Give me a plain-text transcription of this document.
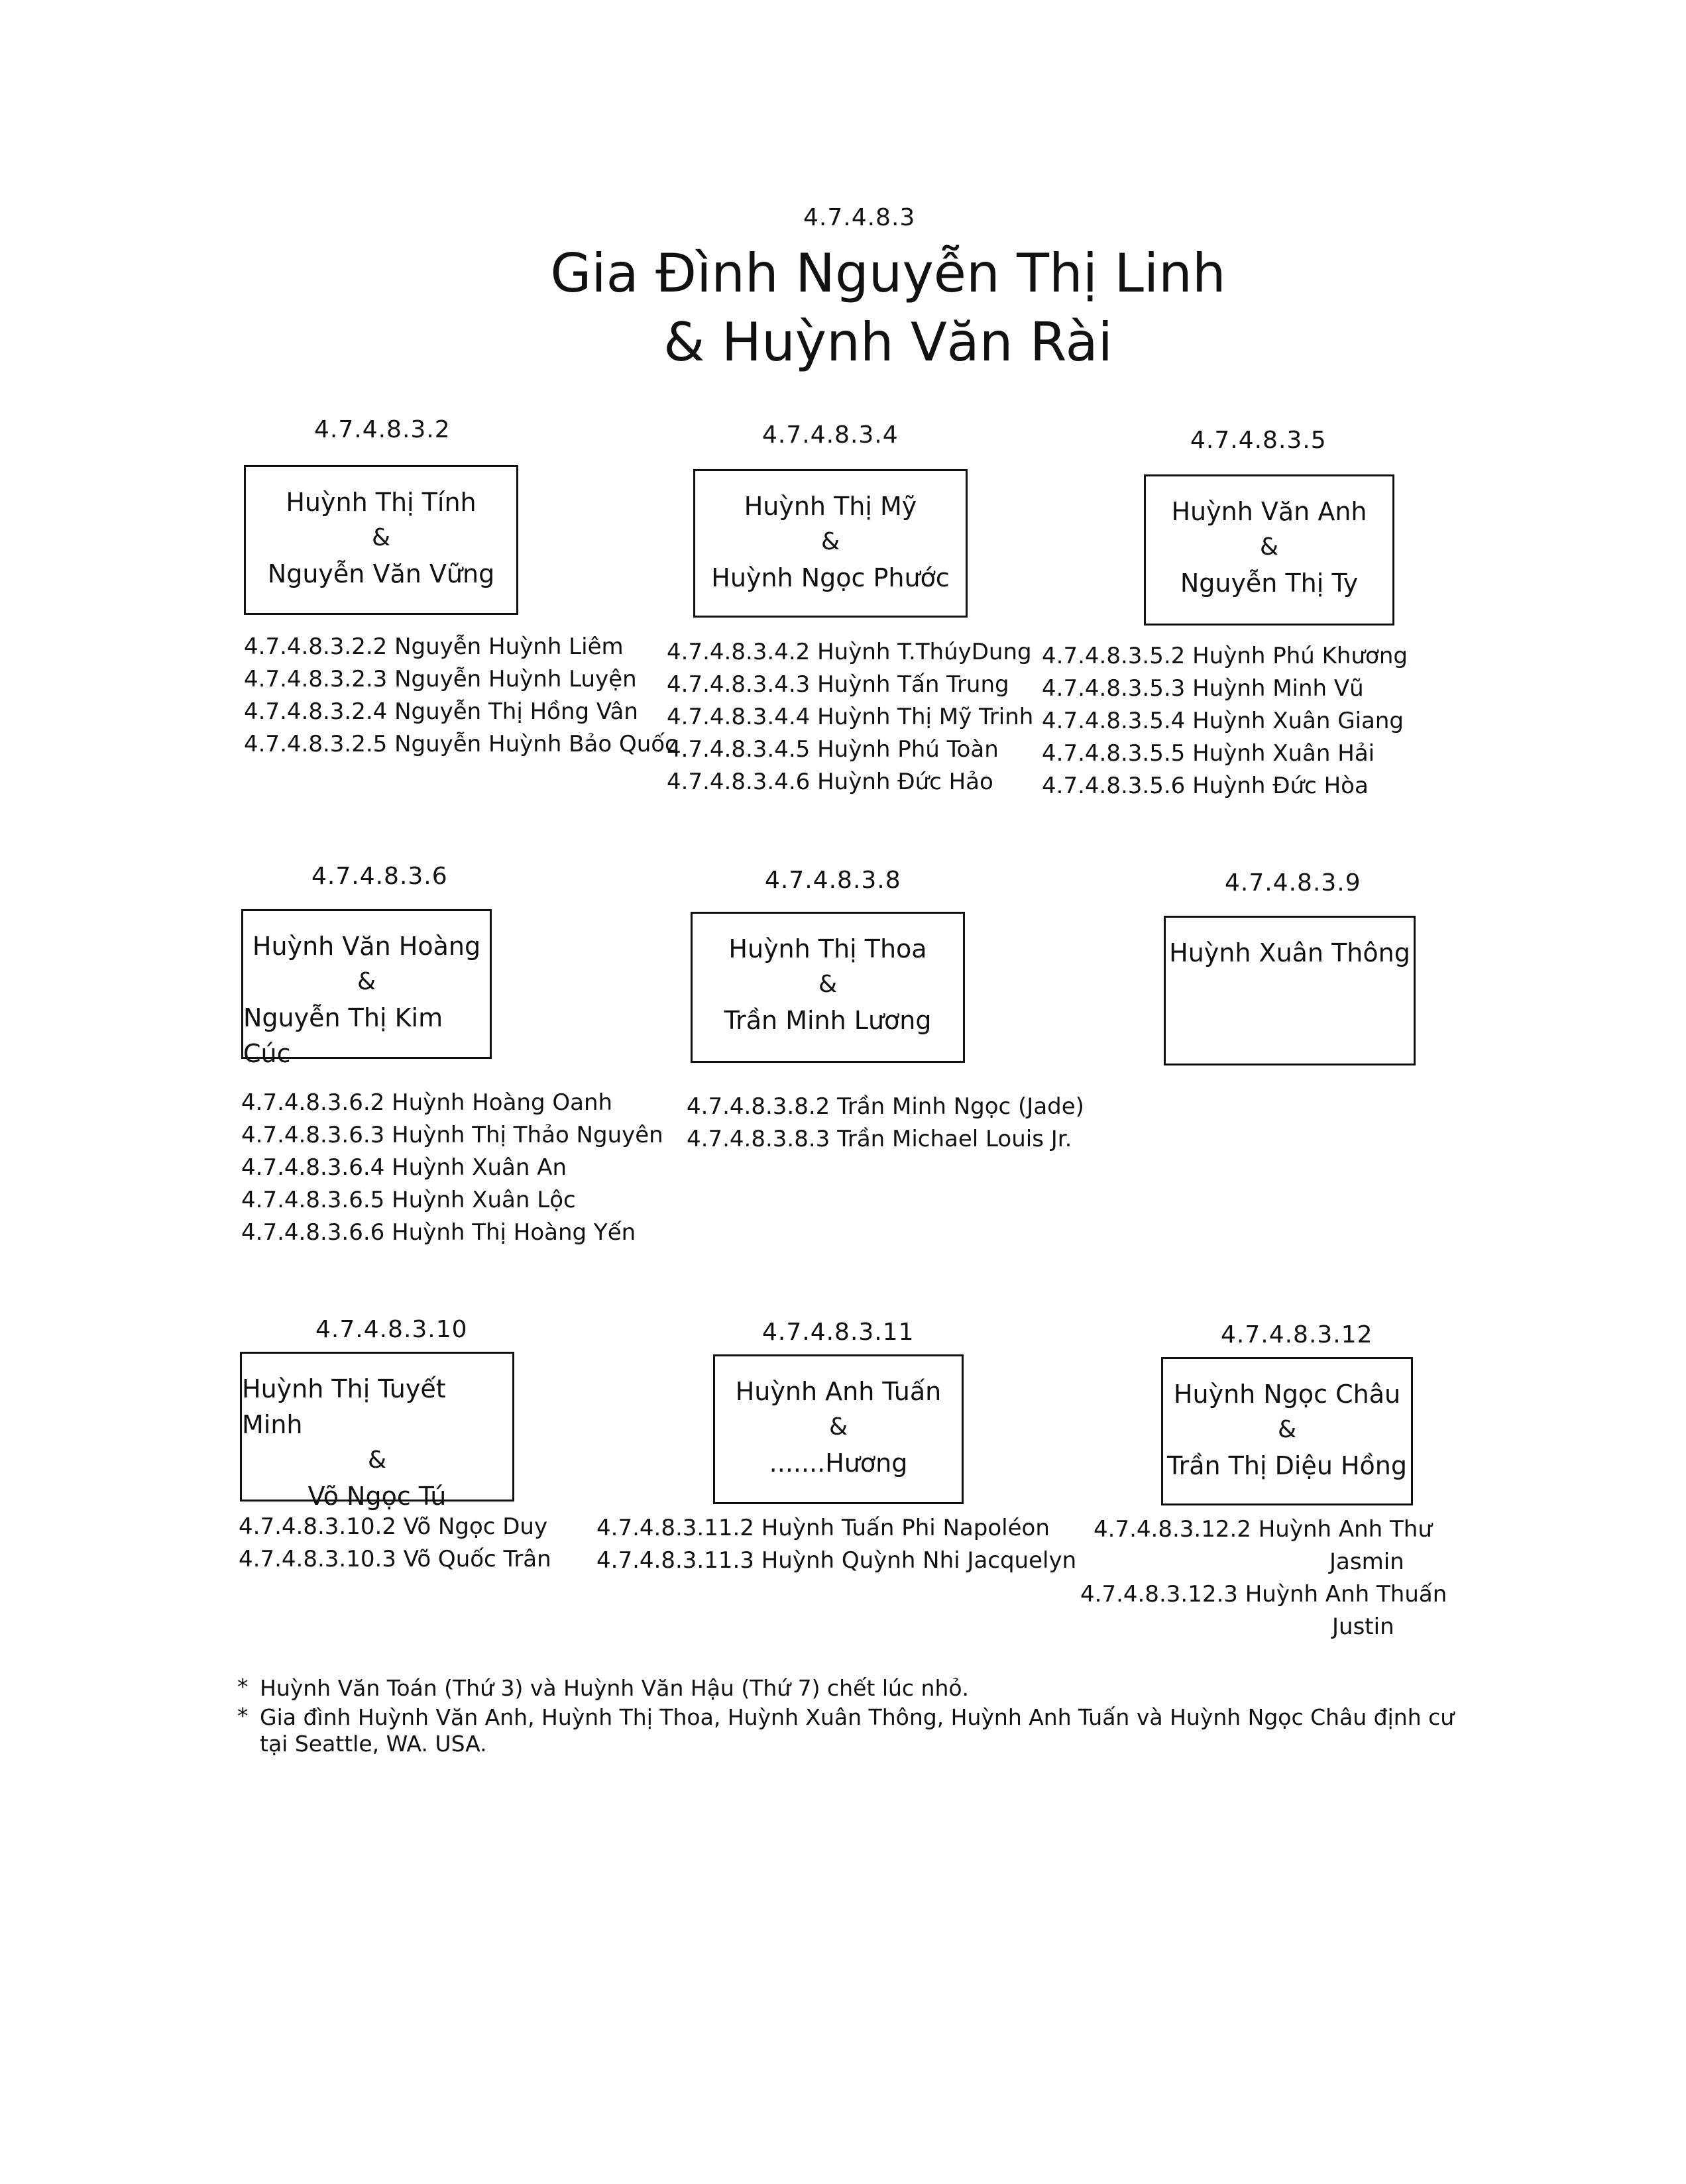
4.7.4.8.3
Gia Đình Nguyễn Thị Linh
& Huỳnh Văn Rài
4.7.4.8.3.2
Huỳnh Thị Tính
&
Nguyễn Văn Vững
4.7.4.8.3.2.2 Nguyễn Huỳnh Liêm
4.7.4.8.3.2.3 Nguyễn Huỳnh Luyện
4.7.4.8.3.2.4 Nguyễn Thị Hồng Vân
4.7.4.8.3.2.5 Nguyễn Huỳnh Bảo Quốc
4.7.4.8.3.4
Huỳnh Thị Mỹ
&
Huỳnh Ngọc Phước
4.7.4.8.3.4.2 Huỳnh T.ThúyDung
4.7.4.8.3.4.3 Huỳnh Tấn Trung
4.7.4.8.3.4.4 Huỳnh Thị Mỹ Trinh
4.7.4.8.3.4.5 Huỳnh Phú Toàn
4.7.4.8.3.4.6 Huỳnh Đức Hảo
4.7.4.8.3.5
Huỳnh Văn Anh
&
Nguyễn Thị Ty
4.7.4.8.3.5.2 Huỳnh Phú Khương
4.7.4.8.3.5.3 Huỳnh Minh Vũ
4.7.4.8.3.5.4 Huỳnh Xuân Giang
4.7.4.8.3.5.5 Huỳnh Xuân Hải
4.7.4.8.3.5.6 Huỳnh Đức Hòa
4.7.4.8.3.6
Huỳnh Văn Hoàng
&
Nguyễn Thị Kim Cúc
4.7.4.8.3.6.2 Huỳnh Hoàng Oanh
4.7.4.8.3.6.3 Huỳnh Thị Thảo Nguyên
4.7.4.8.3.6.4 Huỳnh Xuân An
4.7.4.8.3.6.5 Huỳnh Xuân Lộc
4.7.4.8.3.6.6 Huỳnh Thị Hoàng Yến
4.7.4.8.3.8
Huỳnh Thị Thoa
&
Trần Minh Lương
4.7.4.8.3.8.2 Trần Minh Ngọc (Jade)
4.7.4.8.3.8.3 Trần Michael Louis Jr.
4.7.4.8.3.9
Huỳnh Xuân Thông
4.7.4.8.3.10
Huỳnh Thị Tuyết Minh
&
Võ Ngọc Tú
4.7.4.8.3.10.2 Võ Ngọc Duy
4.7.4.8.3.10.3 Võ Quốc Trân
4.7.4.8.3.11
Huỳnh Anh Tuấn
&
.......Hương
4.7.4.8.3.11.2 Huỳnh Tuấn Phi Napoléon
4.7.4.8.3.11.3 Huỳnh Quỳnh Nhi Jacquelyn
4.7.4.8.3.12
Huỳnh Ngọc Châu
&
Trần Thị Diệu Hồng
4.7.4.8.3.12.2 Huỳnh Anh Thư
Jasmin
4.7.4.8.3.12.3 Huỳnh Anh Thuấn
Justin
* Huỳnh Văn Toán (Thứ 3) và Huỳnh Văn Hậu (Thứ 7) chết lúc nhỏ.
* Gia đình Huỳnh Văn Anh, Huỳnh Thị Thoa, Huỳnh Xuân Thông, Huỳnh Anh Tuấn và Huỳnh Ngọc Châu định cư tại Seattle, WA. USA.
